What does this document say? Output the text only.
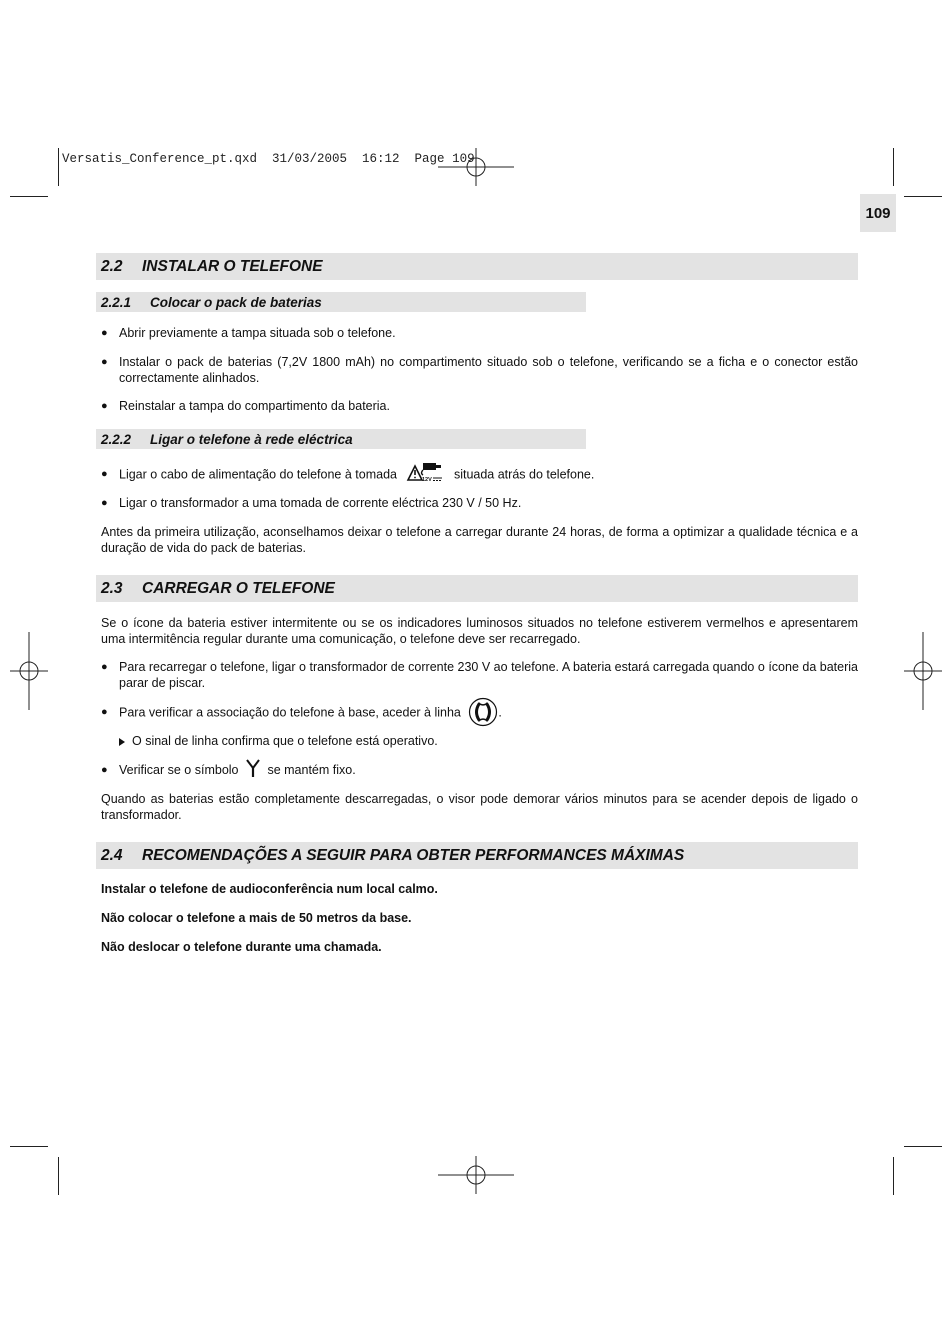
Versatis_Conference_pt.qxd  31/03/2005  16:12  Page 109
109
2.2	INSTALAR O TELEFONE
2.2.1	Colocar o pack de baterias
● Abrir previamente a tampa situada sob o telefone.
● Instalar o pack de baterias (7,2V 1800 mAh) no compartimento situado sob o telefone, verificando se a ficha e o conector estão correctamente alinhados.
● Reinstalar a tampa do compartimento da bateria.
2.2.2	Ligar o telefone à rede eléctrica
● Ligar o cabo de alimentação do telefone à tomada	12V situada atrás do telefone.
● Ligar o transformador a uma tomada de corrente eléctrica 230 V / 50 Hz.
Antes da primeira utilização, aconselhamos deixar o telefone a carregar durante 24 horas, de forma a optimizar a qualidade técnica e a duração de vida do pack de baterias.
2.3	CARREGAR O TELEFONE
Se o ícone da bateria estiver intermitente ou se os indicadores luminosos situados no telefone estiverem vermelhos e apresentarem uma intermitência regular durante uma comunicação, o telefone deve ser recarregado.
● Para recarregar o telefone, ligar o transformador de corrente 230 V ao telefone. A bateria estará carregada quando o ícone da bateria parar de piscar.
● Para verificar a associação do telefone à base, aceder à linha	.
O sinal de linha confirma que o telefone está operativo.
● Verificar se o símbolo se mantém fixo.
Quando as baterias estão completamente descarregadas, o visor pode demorar vários minutos para se acender depois de ligado o transformador.
2.4	RECOMENDAÇÕES A SEGUIR PARA OBTER PERFORMANCES MÁXIMAS
Instalar o telefone de audioconferência num local calmo.
Não colocar o telefone a mais de 50 metros da base.
Não deslocar o telefone durante uma chamada.
